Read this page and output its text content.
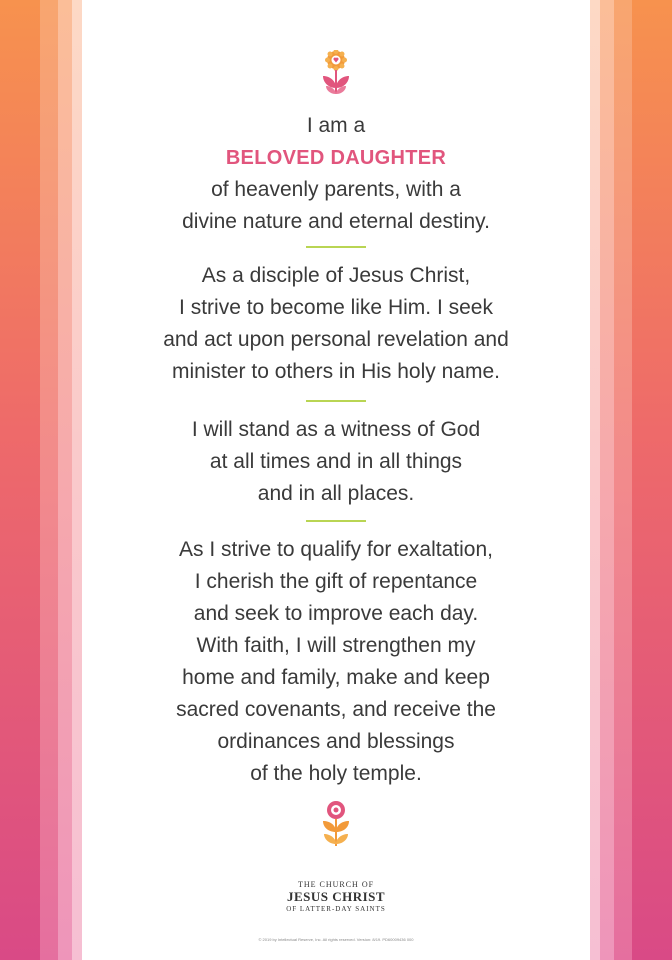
I am a
BELOVED DAUGHTER
of heavenly parents, with a
divine nature and eternal destiny.

As a disciple of Jesus Christ,
I strive to become like Him. I seek
and act upon personal revelation and
minister to others in His holy name.

I will stand as a witness of God
at all times and in all things
and in all places.

As I strive to qualify for exaltation,
I cherish the gift of repentance
and seek to improve each day.
With faith, I will strengthen my
home and family, make and keep
sacred covenants, and receive the
ordinances and blessings
of the holy temple.

THE CHURCH OF
JESUS CHRIST
OF LATTER-DAY SAINTS
© 2019 by Intellectual Reserve, Inc. All rights reserved. Version: 8/19. PD60009436 000
